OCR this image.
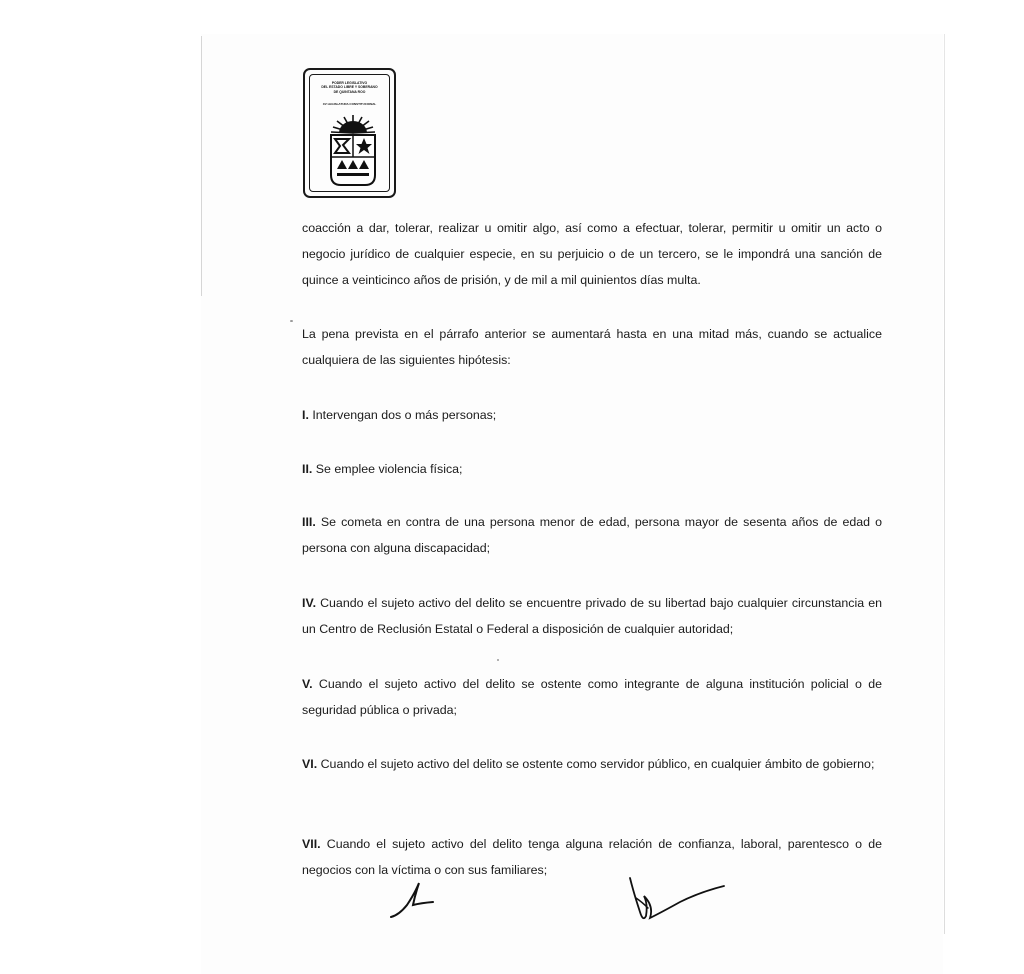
PODER LEGISLATIVO
DEL ESTADO LIBRE Y SOBERANO
DE QUINTANA ROO
XV LEGISLATURA CONSTITUCIONAL
coacción a dar, tolerar, realizar u omitir algo, así como a efectuar, tolerar, permitir u omitir un acto o negocio jurídico de cualquier especie, en su perjuicio o de un tercero, se le impondrá una sanción de quince a veinticinco años de prisión, y de mil a mil quinientos días multa.
La pena prevista en el párrafo anterior se aumentará hasta en una mitad más, cuando se actualice cualquiera de las siguientes hipótesis:
I. Intervengan dos o más personas;
II. Se emplee violencia física;
III. Se cometa en contra de una persona menor de edad, persona mayor de sesenta años de edad o persona con alguna discapacidad;
IV. Cuando el sujeto activo del delito se encuentre privado de su libertad bajo cualquier circunstancia en un Centro de Reclusión Estatal o Federal a disposición de cualquier autoridad;
V. Cuando el sujeto activo del delito se ostente como integrante de alguna institución policial o de seguridad pública o privada;
VI. Cuando el sujeto activo del delito se ostente como servidor público, en cualquier ámbito de gobierno;
VII. Cuando el sujeto activo del delito tenga alguna relación de confianza, laboral, parentesco o de negocios con la víctima o con sus familiares;
